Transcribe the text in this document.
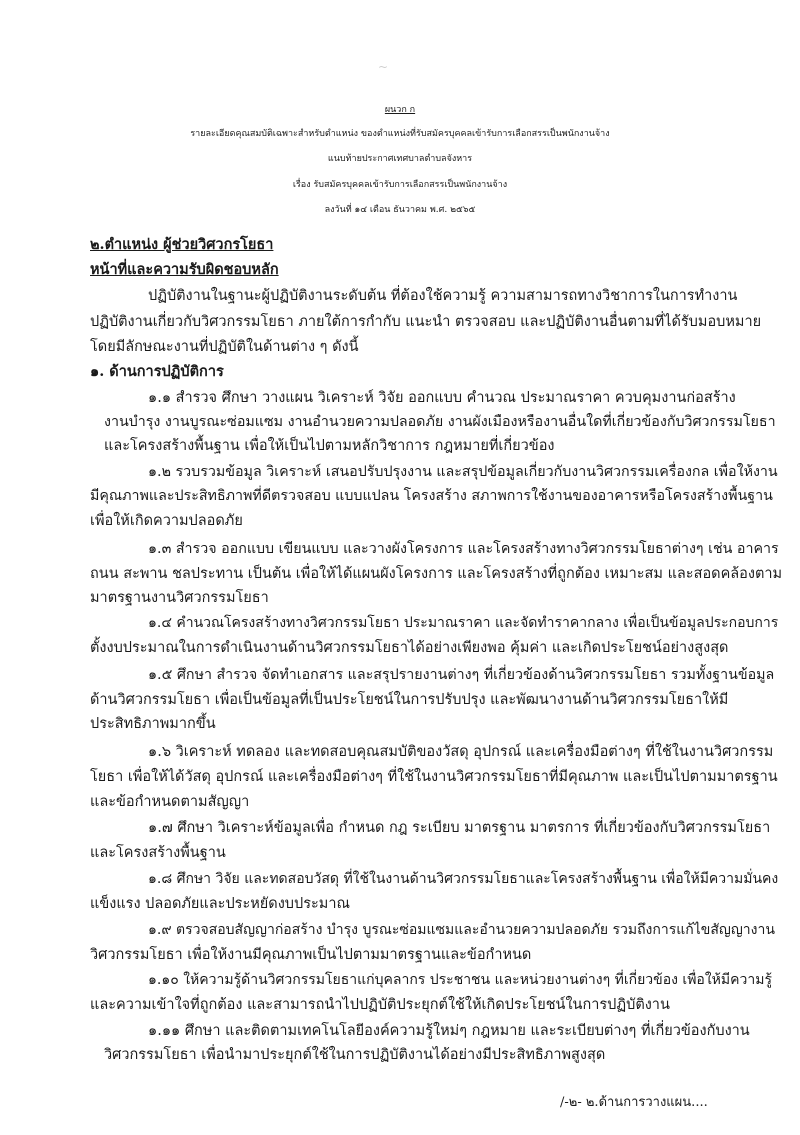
~
ผนวก ก
รายละเอียดคุณสมบัติเฉพาะสำหรับตำแหน่ง ของตำแหน่งที่รับสมัครบุคคลเข้ารับการเลือกสรรเป็นพนักงานจ้าง
แนบท้ายประกาศเทศบาลตำบลจังหาร
เรื่อง รับสมัครบุคคลเข้ารับการเลือกสรรเป็นพนักงานจ้าง
ลงวันที่ ๑๔ เดือน ธันวาคม พ.ศ. ๒๕๖๕
๒.ตำแหน่ง ผู้ช่วยวิศวกรโยธา
หน้าที่และความรับผิดชอบหลัก
ปฏิบัติงานในฐานะผู้ปฏิบัติงานระดับต้น ที่ต้องใช้ความรู้ ความสามารถทางวิชาการในการทำงาน
ปฏิบัติงานเกี่ยวกับวิศวกรรมโยธา ภายใต้การกำกับ แนะนำ ตรวจสอบ และปฏิบัติงานอื่นตามที่ได้รับมอบหมาย
โดยมีลักษณะงานที่ปฏิบัติในด้านต่าง ๆ ดังนี้
๑. ด้านการปฏิบัติการ
๑.๑ สำรวจ ศึกษา วางแผน วิเคราะห์ วิจัย ออกแบบ คำนวณ ประมาณราคา ควบคุมงานก่อสร้าง
งานบำรุง งานบูรณะซ่อมแซม งานอำนวยความปลอดภัย งานผังเมืองหรืองานอื่นใดที่เกี่ยวข้องกับวิศวกรรมโยธา
และโครงสร้างพื้นฐาน เพื่อให้เป็นไปตามหลักวิชาการ กฎหมายที่เกี่ยวข้อง
๑.๒ รวบรวมข้อมูล วิเคราะห์ เสนอปรับปรุงงาน และสรุปข้อมูลเกี่ยวกับงานวิศวกรรมเครื่องกล เพื่อให้งาน
มีคุณภาพและประสิทธิภาพที่ดีตรวจสอบ แบบแปลน โครงสร้าง สภาพการใช้งานของอาคารหรือโครงสร้างพื้นฐาน
เพื่อให้เกิดความปลอดภัย
๑.๓ สำรวจ ออกแบบ เขียนแบบ และวางผังโครงการ และโครงสร้างทางวิศวกรรมโยธาต่างๆ เช่น อาคาร
ถนน สะพาน ชลประทาน เป็นต้น เพื่อให้ได้แผนผังโครงการ และโครงสร้างที่ถูกต้อง เหมาะสม และสอดคล้องตาม
มาตรฐานงานวิศวกรรมโยธา
๑.๔ คำนวณโครงสร้างทางวิศวกรรมโยธา ประมาณราคา และจัดทำราคากลาง เพื่อเป็นข้อมูลประกอบการ
ตั้งงบประมาณในการดำเนินงานด้านวิศวกรรมโยธาได้อย่างเพียงพอ คุ้มค่า และเกิดประโยชน์อย่างสูงสุด
๑.๕ ศึกษา สำรวจ จัดทำเอกสาร และสรุปรายงานต่างๆ ที่เกี่ยวข้องด้านวิศวกรรมโยธา รวมทั้งฐานข้อมูล
ด้านวิศวกรรมโยธา เพื่อเป็นข้อมูลที่เป็นประโยชน์ในการปรับปรุง และพัฒนางานด้านวิศวกรรมโยธาให้มี
ประสิทธิภาพมากขึ้น
๑.๖ วิเคราะห์ ทดลอง และทดสอบคุณสมบัติของวัสดุ อุปกรณ์ และเครื่องมือต่างๆ ที่ใช้ในงานวิศวกรรม
โยธา เพื่อให้ได้วัสดุ อุปกรณ์ และเครื่องมือต่างๆ ที่ใช้ในงานวิศวกรรมโยธาที่มีคุณภาพ และเป็นไปตามมาตรฐาน
และข้อกำหนดตามสัญญา
๑.๗ ศึกษา วิเคราะห์ข้อมูลเพื่อ กำหนด กฎ ระเบียบ มาตรฐาน มาตรการ ที่เกี่ยวข้องกับวิศวกรรมโยธา
และโครงสร้างพื้นฐาน
๑.๘ ศึกษา วิจัย และทดสอบวัสดุ ที่ใช้ในงานด้านวิศวกรรมโยธาและโครงสร้างพื้นฐาน เพื่อให้มีความมั่นคง
แข็งแรง ปลอดภัยและประหยัดงบประมาณ
๑.๙ ตรวจสอบสัญญาก่อสร้าง บำรุง บูรณะซ่อมแซมและอำนวยความปลอดภัย รวมถึงการแก้ไขสัญญางาน
วิศวกรรมโยธา เพื่อให้งานมีคุณภาพเป็นไปตามมาตรฐานและข้อกำหนด
๑.๑๐ ให้ความรู้ด้านวิศวกรรมโยธาแก่บุคลากร ประชาชน และหน่วยงานต่างๆ ที่เกี่ยวข้อง เพื่อให้มีความรู้
และความเข้าใจที่ถูกต้อง และสามารถนำไปปฏิบัติประยุกต์ใช้ให้เกิดประโยชน์ในการปฏิบัติงาน
๑.๑๑ ศึกษา และติดตามเทคโนโลยีองค์ความรู้ใหม่ๆ กฎหมาย และระเบียบต่างๆ ที่เกี่ยวข้องกับงาน
วิศวกรรมโยธา เพื่อนำมาประยุกต์ใช้ในการปฏิบัติงานได้อย่างมีประสิทธิภาพสูงสุด
/-๒- ๒.ด้านการวางแผน....
